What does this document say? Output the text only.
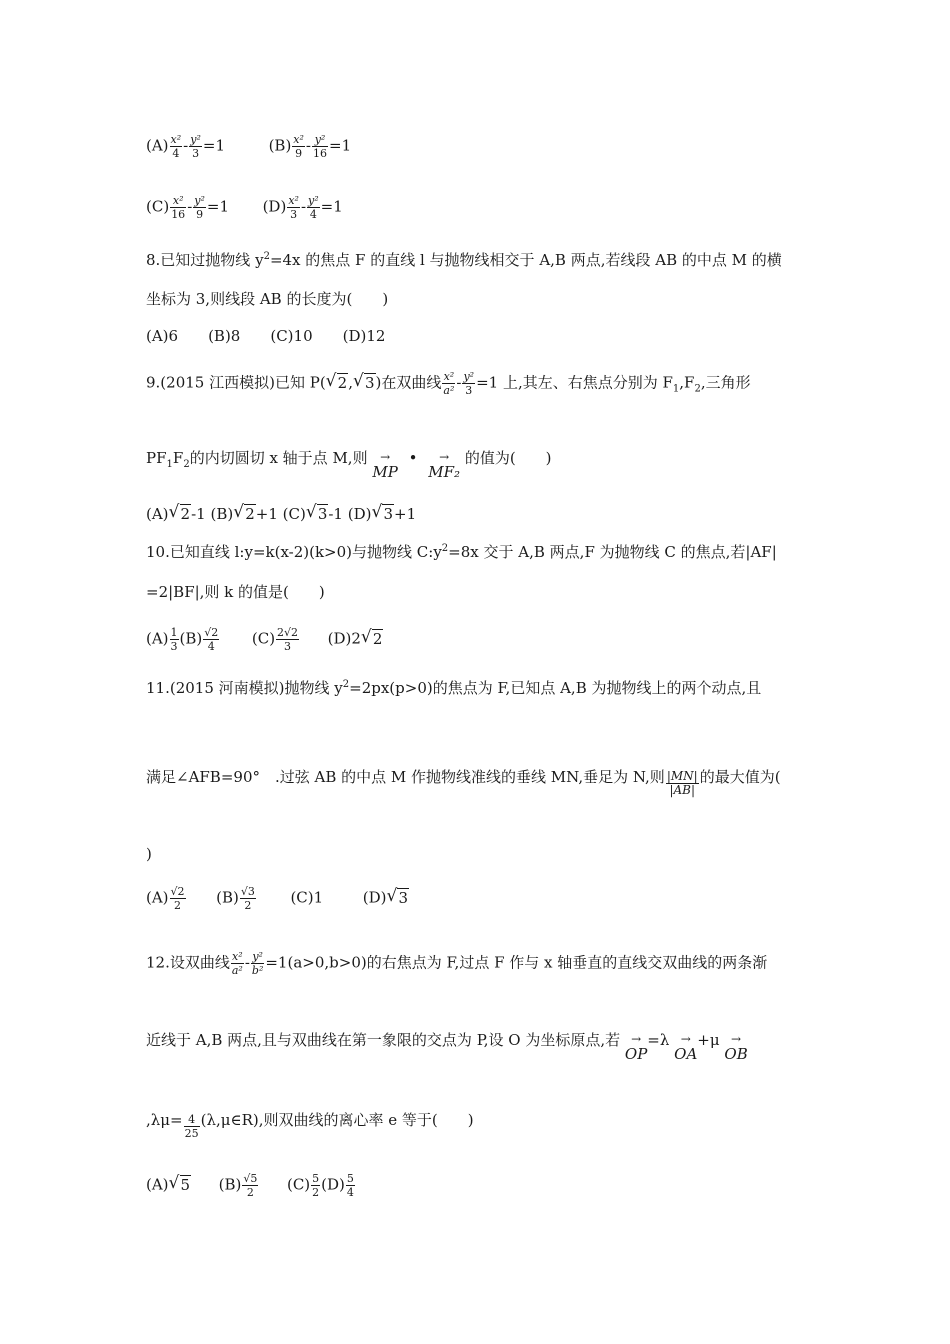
$(A) \frac{\text{x²}}{4} - \frac{\text{y²}}{3} =1$	$(B) \frac{\text{x²}}{9} - \frac{\text{y²}}{16} =1$
$(C) \frac{\text{x²}}{16} - \frac{\text{y²}}{9} =1$ $(D) \frac{\text{x²}}{3} - \frac{\text{y²}}{4} =1$
8.已知过抛物线 $y^2=4x$ 的焦点 F 的直线 l 与抛物线相交于 A,B 两点,若线段 AB 的中点 M 的横
坐标为 3,则线段 AB 的长度为(　　)
(A)6　　(B)8　　(C)10　　(D)12
9.(2015 江西模拟)已知 P(√ 2,√ 3)在双曲线 $\frac{\text{x²}}{\text{a²}} - \frac{\text{y²}}{3} =1$ 上,其左、右焦点分别为 $F_1,F_2$,三角形
$PF_1F_2$的内切圆切 x 轴于点 M,则	→
MP •	→
MF₂ 的值为(　　)
(A)√ 2-1 (B)√ 2+1 (C)√ 3-1 (D)√ 3+1
10.已知直线 l:y=k(x-2)(k>0)与抛物线 $C:y^2=8x$ 交于 A,B 两点,F 为抛物线 C 的焦点,若|AF|
=2|BF|,则 k 的值是(　　)
$(A) \frac{1}{3} (B) \frac{√2}{4} (C) \frac{2√2}{3} (D)2√$ 2
11.(2015 河南模拟)抛物线 $y^2=2px(p>0)$的焦点为 F,已知点 A,B 为抛物线上的两个动点,且
满足∠AFB=90°　.过弦 AB 的中点 M 作抛物线准线的垂线 MN,垂足为 N,则 $\frac{|MN|}{|AB|}$ 的最大值为(
)
$(A) \frac{√2}{2} (B) \frac{√3}{2} (C)1$	(D)√ 3
12.设双曲线 $\frac{\text{x²}}{\text{a²}} - \frac{\text{y²}}{\text{b²}} =1(a>0,b>0)$的右焦点为 F,过点 F 作与 x 轴垂直的直线交双曲线的两条渐
近线于 A,B 两点,且与双曲线在第一象限的交点为 P,设 O 为坐标原点,若 →
OP=λ →
OA+μ →
OB
$,\lambda\mu= \frac{4}{25}$ (λ,μ∈R),则双曲线的离心率 e 等于(　　)
(A)√ 5 $(B) \frac{√5}{2} (C) \frac{5}{2} (D) \frac{5}{4}$
